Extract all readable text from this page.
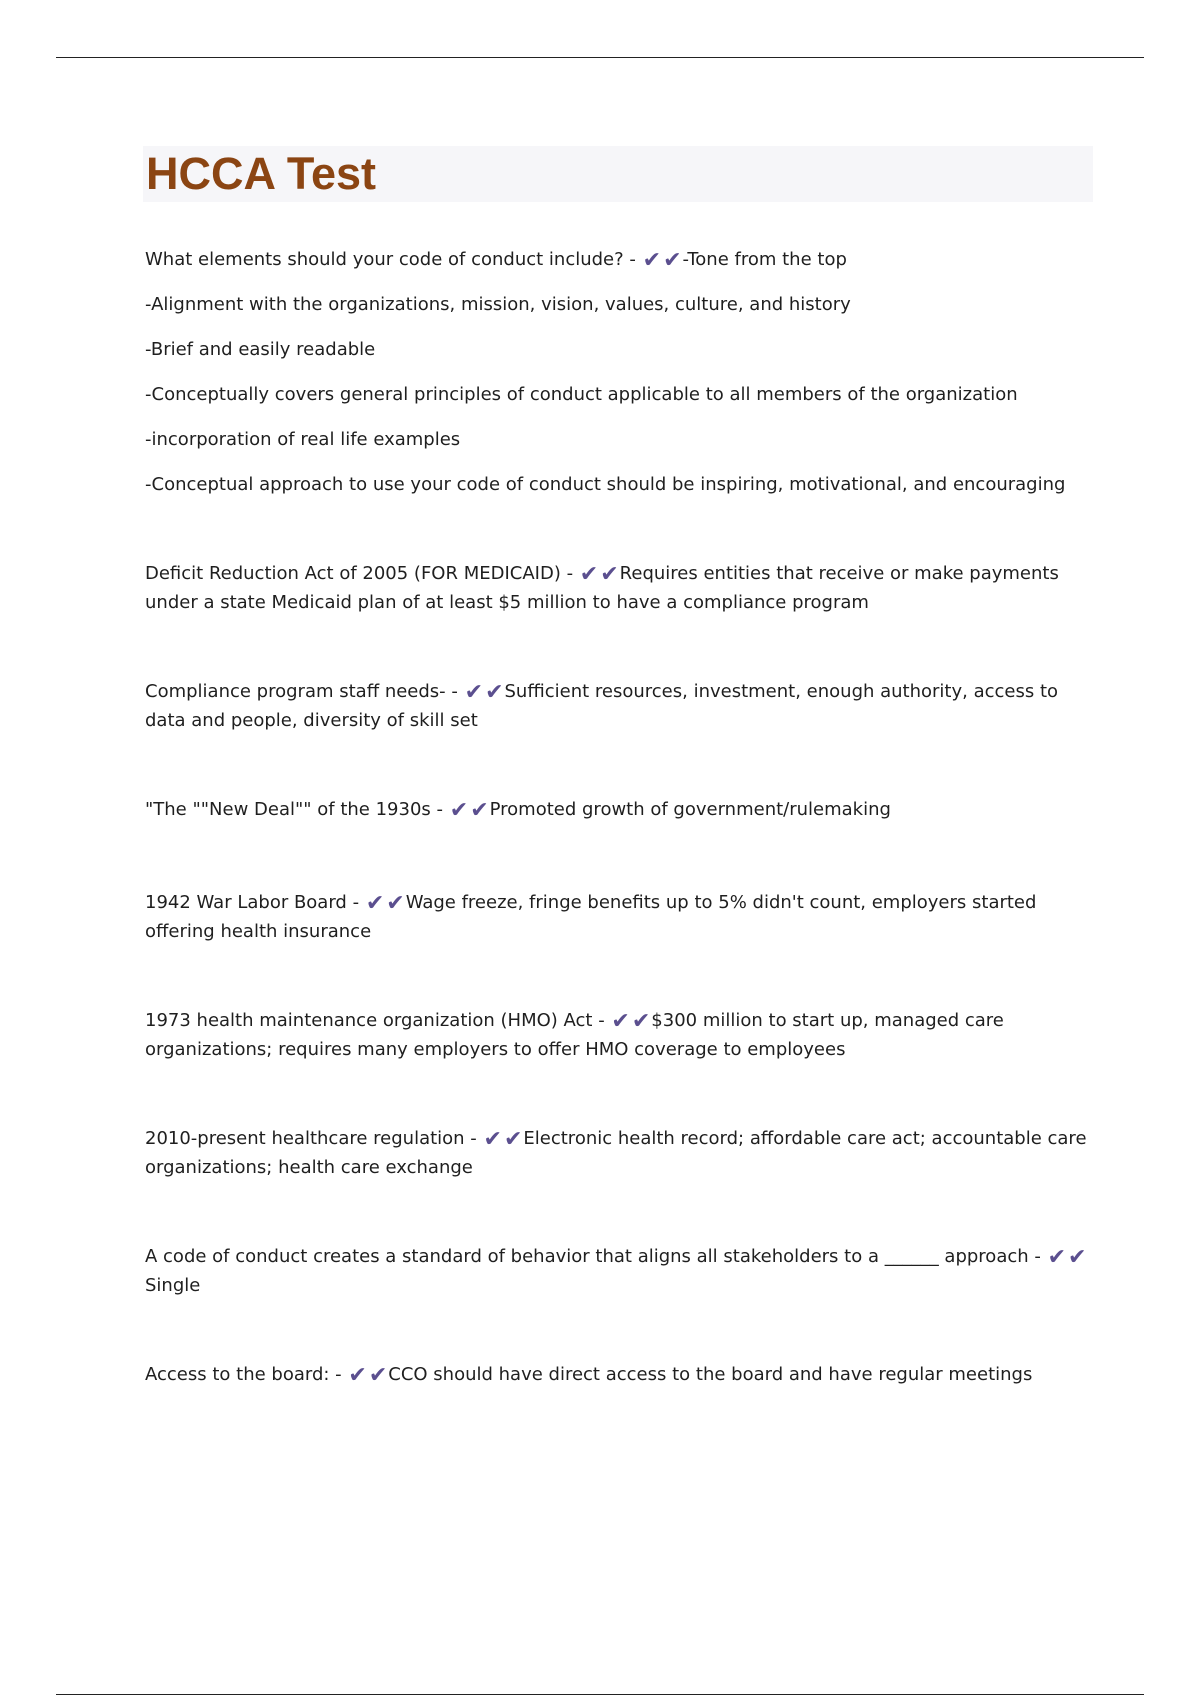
HCCA Test

What elements should your code of conduct include? - ✔✔-Tone from the top

-Alignment with the organizations, mission, vision, values, culture, and history

-Brief and easily readable

-Conceptually covers general principles of conduct applicable to all members of the organization

-incorporation of real life examples

-Conceptual approach to use your code of conduct should be inspiring, motivational, and encouraging

Deficit Reduction Act of 2005 (FOR MEDICAID) - ✔✔Requires entities that receive or make payments under a state Medicaid plan of at least $5 million to have a compliance program

Compliance program staff needs- - ✔✔Sufficient resources, investment, enough authority, access to data and people, diversity of skill set

"The ""New Deal"" of the 1930s - ✔✔Promoted growth of government/rulemaking

1942 War Labor Board - ✔✔Wage freeze, fringe benefits up to 5% didn't count, employers started offering health insurance

1973 health maintenance organization (HMO) Act - ✔✔$300 million to start up, managed care organizations; requires many employers to offer HMO coverage to employees

2010-present healthcare regulation - ✔✔Electronic health record; affordable care act; accountable care organizations; health care exchange

A code of conduct creates a standard of behavior that aligns all stakeholders to a ______ approach - ✔✔Single

Access to the board: - ✔✔CCO should have direct access to the board and have regular meetings
